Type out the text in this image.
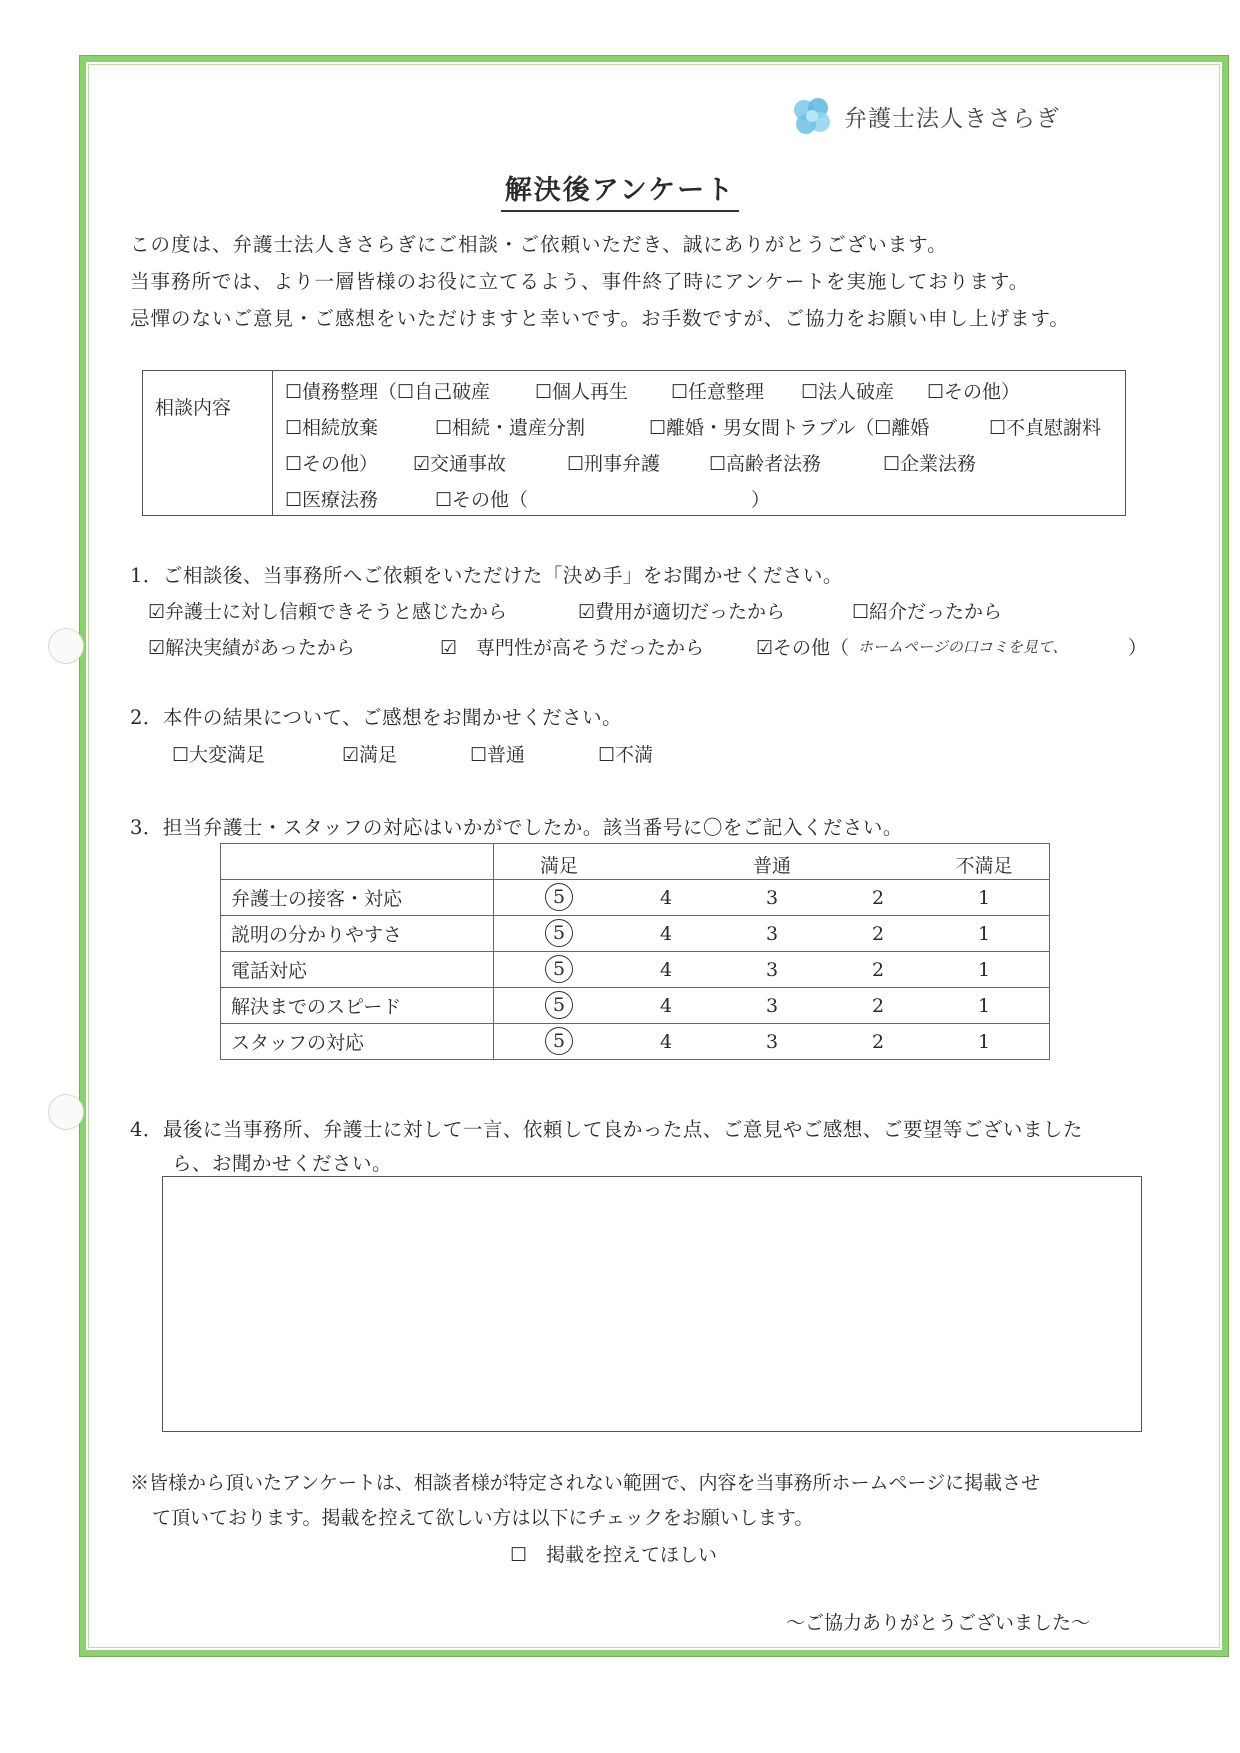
弁護士法人きさらぎ
解決後アンケート
この度は、弁護士法人きさらぎにご相談・ご依頼いただき、誠にありがとうございます。
当事務所では、より一層皆様のお役に立てるよう、事件終了時にアンケートを実施しております。
忌憚のないご意見・ご感想をいただけますと幸いです。お手数ですが、ご協力をお願い申し上げます。
相談内容
☐債務整理（☐自己破産 ☐個人再生 ☐任意整理 ☐法人破産 ☐その他）
☐相続放棄	☐相続・遺産分割	☐離婚・男女間トラブル（☐離婚	☐不貞慰謝料
☐その他） ☑交通事故	☐刑事弁護	☐高齢者法務	☐企業法務
☐医療法務	☐その他（	）
1．ご相談後、当事務所へご依頼をいただけた「決め手」をお聞かせください。
☑弁護士に対し信頼できそうと感じたから	☑費用が適切だったから	☐紹介だったから
☑解決実績があったから	☑　専門性が高そうだったから	☑その他（ ホームページの口コミを見て、	）
2．本件の結果について、ご感想をお聞かせください。
☐大変満足	☑満足	☐普通	☐不満
3．担当弁護士・スタッフの対応はいかがでしたか。該当番号に〇をご記入ください。

	満足 普通 不満足

弁護士の接客・対応	5 4 3 2 1

説明の分かりやすさ	5 4 3 2 1

電話対応	5 4 3 2 1

解決までのスピード	5 4 3 2 1

スタッフの対応	5 4 3 2 1
4．最後に当事務所、弁護士に対して一言、依頼して良かった点、ご意見やご感想、ご要望等ございました
ら、お聞かせください。
※皆様から頂いたアンケートは、相談者様が特定されない範囲で、内容を当事務所ホームページに掲載させ
て頂いております。掲載を控えて欲しい方は以下にチェックをお願いします。
☐　掲載を控えてほしい
～ご協力ありがとうございました～
